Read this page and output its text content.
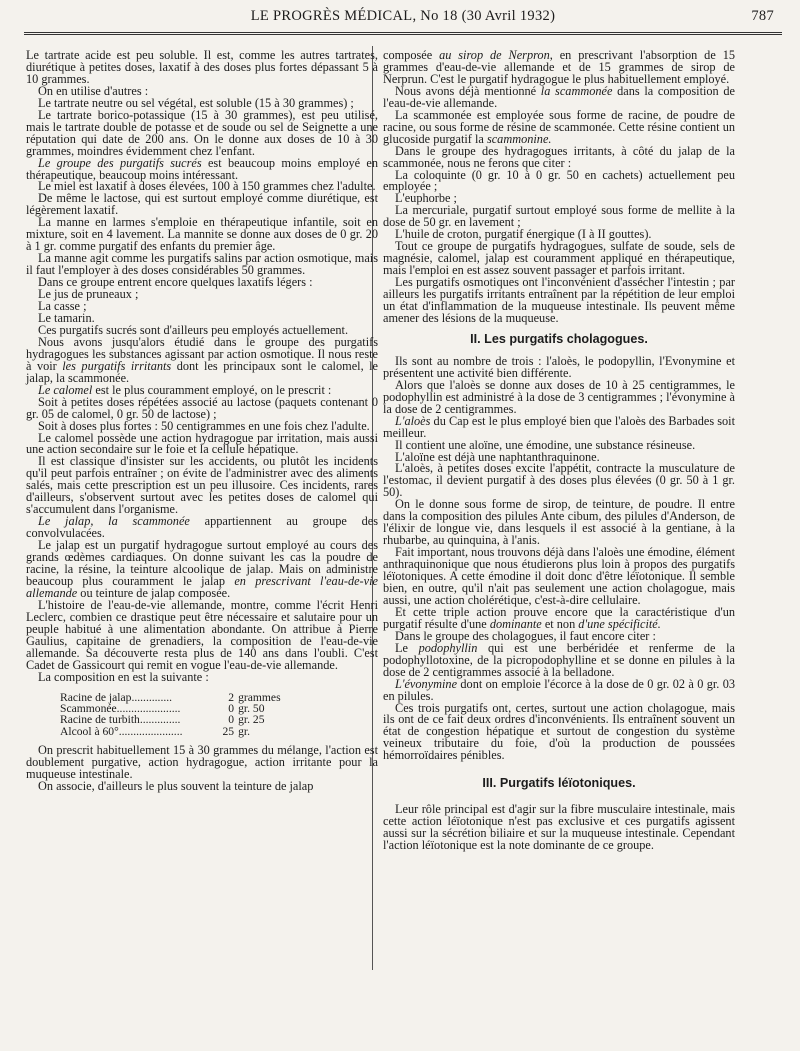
LE PROGRÈS MÉDICAL, No 18 (30 Avril 1932)	787

Le tartrate acide est peu soluble. Il est, comme les autres tartrates, diurétique à petites doses, laxatif à des doses plus fortes dépassant 5 à 10 grammes.

On en utilise d'autres :

Le tartrate neutre ou sel végétal, est soluble (15 à 30 grammes) ;

Le tartrate borico-potassique (15 à 30 grammes), est peu utilisé, mais le tartrate double de potasse et de soude ou sel de Seignette a une réputation qui date de 200 ans. On le donne aux doses de 10 à 30 grammes, moindres évidemment chez l'enfant.

Le groupe des purgatifs sucrés est beaucoup moins employé en thérapeutique, beaucoup moins intéressant.

Le miel est laxatif à doses élevées, 100 à 150 grammes chez l'adulte.

De même le lactose, qui est surtout employé comme diurétique, est légèrement laxatif.

La manne en larmes s'emploie en thérapeutique infantile, soit en mixture, soit en 4 lavement. La mannite se donne aux doses de 0 gr. 20 à 1 gr. comme purgatif des enfants du premier âge.

La manne agit comme les purgatifs salins par action osmotique, mais il faut l'employer à des doses considérables 50 grammes.

Dans ce groupe entrent encore quelques laxatifs légers :

Le jus de pruneaux ;

La casse ;

Le tamarin.

Ces purgatifs sucrés sont d'ailleurs peu employés actuellement.

Nous avons jusqu'alors étudié dans le groupe des purgatifs hydragogues les substances agissant par action osmotique. Il nous reste à voir les purgatifs irritants dont les principaux sont le calomel, le jalap, la scammonée.

Le calomel est le plus couramment employé, on le prescrit :

Soit à petites doses répétées associé au lactose (paquets contenant 0 gr. 05 de calomel, 0 gr. 50 de lactose) ;

Soit à doses plus fortes : 50 centigrammes en une fois chez l'adulte.

Le calomel possède une action hydragogue par irritation, mais aussi une action secondaire sur le foie et la cellule hépatique.

Il est classique d'insister sur les accidents, ou plutôt les incidents qu'il peut parfois entraîner ; on évite de l'administrer avec des aliments salés, mais cette prescription est un peu illusoire. Ces incidents, rares d'ailleurs, s'observent surtout avec les petites doses de calomel qui s'accumulent dans l'organisme.

Le jalap, la scammonée appartiennent au groupe des convolvulacées.

Le jalap est un purgatif hydragogue surtout employé au cours des grands œdèmes cardiaques. On donne suivant les cas la poudre de racine, la résine, la teinture alcoolique de jalap. Mais on administre beaucoup plus couramment le jalap en prescrivant l'eau-de-vie allemande ou teinture de jalap composée.

L'histoire de l'eau-de-vie allemande, montre, comme l'écrit Henri Leclerc, combien ce drastique peut être nécessaire et salutaire pour un peuple habitué à une alimentation abondante. On attribue à Pierre Gaulius, capitaine de grenadiers, la composition de l'eau-de-vie allemande. Sa découverte resta plus de 140 ans dans l'oubli. C'est Cadet de Gassicourt qui remit en vogue l'eau-de-vie allemande.

La composition en est la suivante :

Racine de jalap..............	2	grammes
Scammonée......................	0	gr. 50
Racine de turbith..............	0	gr. 25
Alcool à 60°......................	25	gr.

On prescrit habituellement 15 à 30 grammes du mélange, l'action est doublement purgative, action hydragogue, action irritante pour la muqueuse intestinale.

On associe, d'ailleurs le plus souvent la teinture de jalap

composée au sirop de Nerpron, en prescrivant l'absorption de 15 grammes d'eau-de-vie allemande et de 15 grammes de sirop de Nerprun. C'est le purgatif hydragogue le plus habituellement employé.

Nous avons déjà mentionné la scammonée dans la composition de l'eau-de-vie allemande.

La scammonée est employée sous forme de racine, de poudre de racine, ou sous forme de résine de scammonée. Cette résine contient un glucoside purgatif la scammonine.

Dans le groupe des hydragogues irritants, à côté du jalap de la scammonée, nous ne ferons que citer :

La coloquinte (0 gr. 10 à 0 gr. 50 en cachets) actuellement peu employée ;

L'euphorbe ;

La mercuriale, purgatif surtout employé sous forme de mellite à la dose de 50 gr. en lavement ;

L'huile de croton, purgatif énergique (I à II gouttes).

Tout ce groupe de purgatifs hydragogues, sulfate de soude, sels de magnésie, calomel, jalap est couramment appliqué en thérapeutique, mais l'emploi en est assez souvent passager et parfois irritant.

Les purgatifs osmotiques ont l'inconvénient d'assécher l'intestin ; par ailleurs les purgatifs irritants entraînent par la répétition de leur emploi un état d'inflammation de la muqueuse intestinale. Ils peuvent même amener des lésions de la muqueuse.

II. Les purgatifs cholagogues.

Ils sont au nombre de trois : l'aloès, le podopyllin, l'Evonymine et présentent une activité bien différente.

Alors que l'aloès se donne aux doses de 10 à 25 centigrammes, le podophyllin est administré à la dose de 3 centigrammes ; l'évonymine à la dose de 2 centigrammes.

L'aloès du Cap est le plus employé bien que l'aloès des Barbades soit meilleur.

Il contient une aloïne, une émodine, une substance résineuse.

L'aloïne est déjà une naphtanthraquinone.

L'aloès, à petites doses excite l'appétit, contracte la musculature de l'estomac, il devient purgatif à des doses plus élevées (0 gr. 50 à 1 gr. 50).

On le donne sous forme de sirop, de teinture, de poudre. Il entre dans la composition des pilules Ante cibum, des pilules d'Anderson, de l'élixir de longue vie, dans lesquels il est associé à la gentiane, à la rhubarbe, au quinquina, à l'anis.

Fait important, nous trouvons déjà dans l'aloès une émodine, élément anthraquinonique que nous étudierons plus loin à propos des purgatifs léïotoniques. A cette émodine il doit donc d'être léïotonique. Il semble bien, en outre, qu'il n'ait pas seulement une action cholagogue, mais aussi, une action cholérétique, c'est-à-dire cellulaire.

Et cette triple action prouve encore que la caractéristique d'un purgatif résulte d'une dominante et non d'une spécificité.

Dans le groupe des cholagogues, il faut encore citer :

Le podophyllin qui est une berbéridée et renferme de la podophyllotoxine, de la picropodophylline et se donne en pilules à la dose de 2 centigrammes associé à la belladone.

L'évonymine dont on emploie l'écorce à la dose de 0 gr. 02 à 0 gr. 03 en pilules.

Ces trois purgatifs ont, certes, surtout une action cholagogue, mais ils ont de ce fait deux ordres d'inconvénients. Ils entraînent souvent un état de congestion hépatique et surtout de congestion du système veineux tributaire du foie, d'où la production de poussées hémorroïdaires pénibles.

III. Purgatifs léïotoniques.

Leur rôle principal est d'agir sur la fibre musculaire intestinale, mais cette action léïotonique n'est pas exclusive et ces purgatifs agissent aussi sur la sécrétion biliaire et sur la muqueuse intestinale. Cependant l'action léïotonique est la note dominante de ce groupe.
